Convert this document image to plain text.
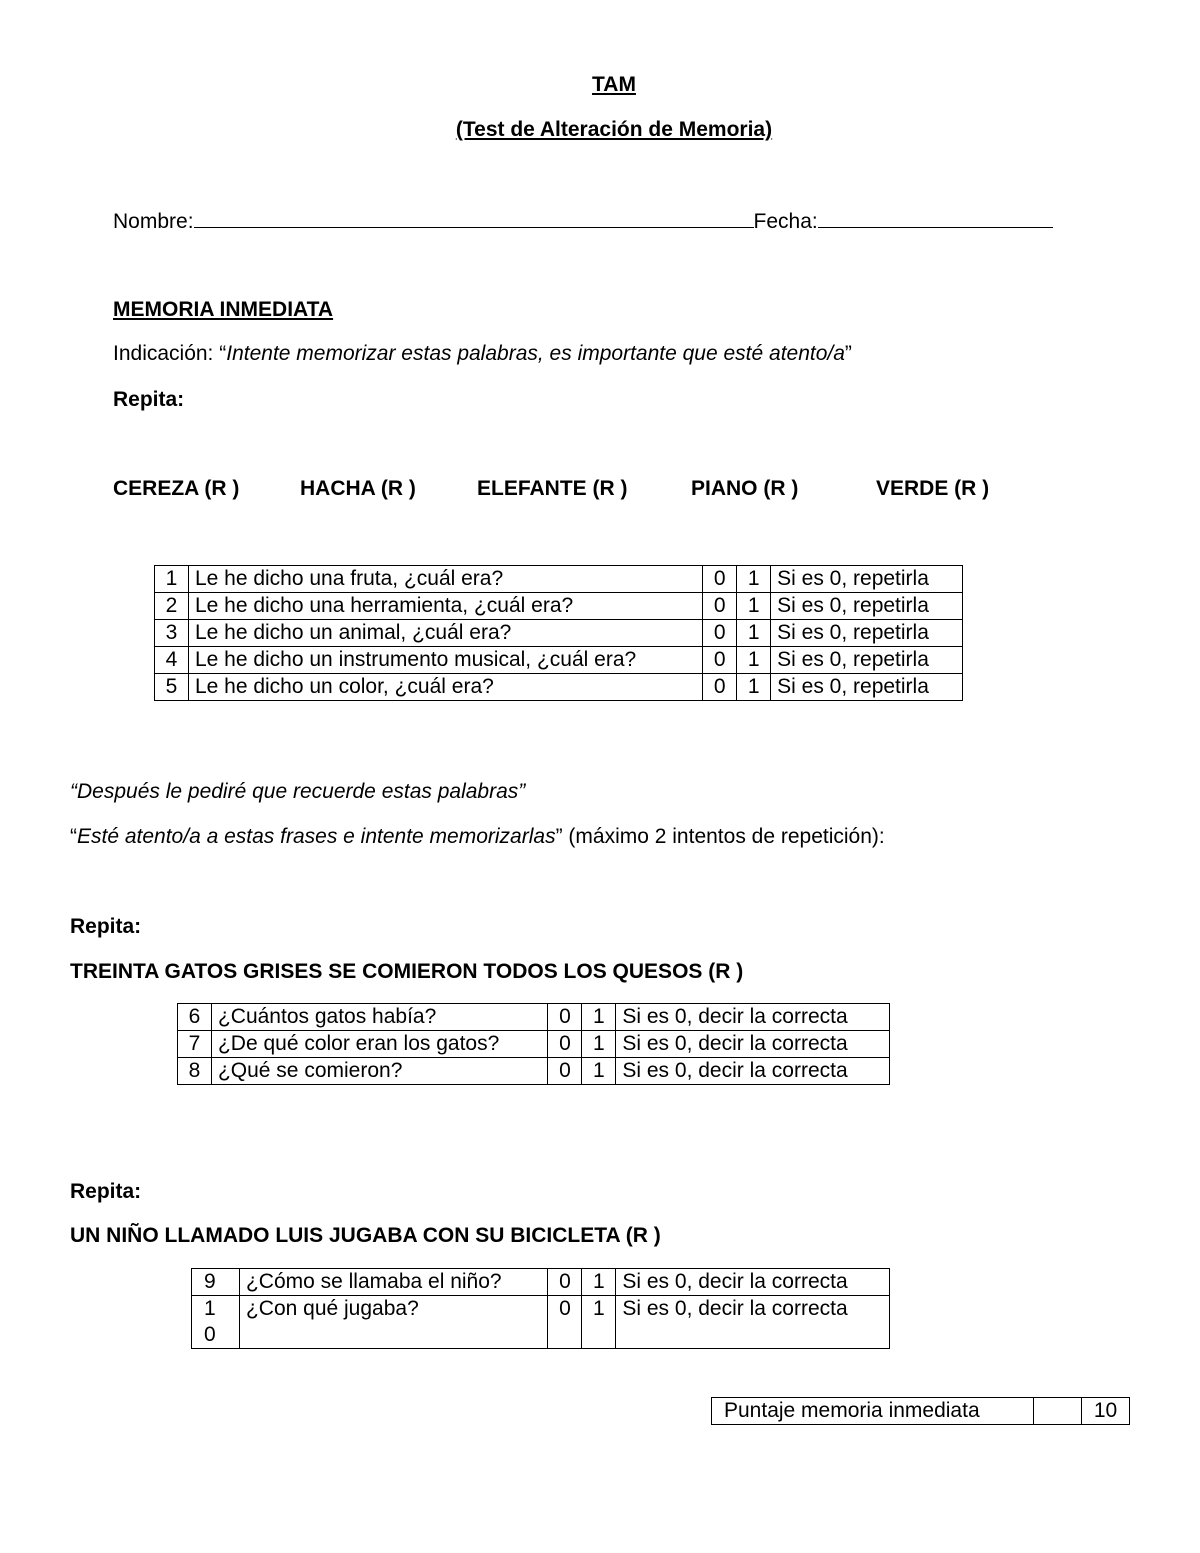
TAM
(Test de Alteración de Memoria)
Nombre:	Fecha:
MEMORIA INMEDIATA
Indicación: “Intente memorizar estas palabras, es importante que esté atento/a”
Repita:
CEREZA (R )	HACHA (R )	ELEFANTE (R )	PIANO (R )	VERDE (R )
1	Le he dicho una fruta, ¿cuál era?	0	1	Si es 0, repetirla
2	Le he dicho una herramienta, ¿cuál era?	0	1	Si es 0, repetirla
3	Le he dicho un animal, ¿cuál era?	0	1	Si es 0, repetirla
4	Le he dicho un instrumento musical, ¿cuál era?	0	1	Si es 0, repetirla
5	Le he dicho un color, ¿cuál era?	0	1	Si es 0, repetirla
“Después le pediré que recuerde estas palabras”
“Esté atento/a a estas frases e intente memorizarlas” (máximo 2 intentos de repetición):
Repita:
TREINTA GATOS GRISES SE COMIERON TODOS LOS QUESOS (R )
6	¿Cuántos gatos había?	0	1	Si es 0, decir la correcta
7	¿De qué color eran los gatos?	0	1	Si es 0, decir la correcta
8	¿Qué se comieron?	0	1	Si es 0, decir la correcta
Repita:
UN NIÑO LLAMADO LUIS JUGABA CON SU BICICLETA (R )
9	¿Cómo se llamaba el niño?	0	1	Si es 0, decir la correcta

10	¿Con qué jugaba?	0	1	Si es 0, decir la correcta
Puntaje memoria inmediata		10
